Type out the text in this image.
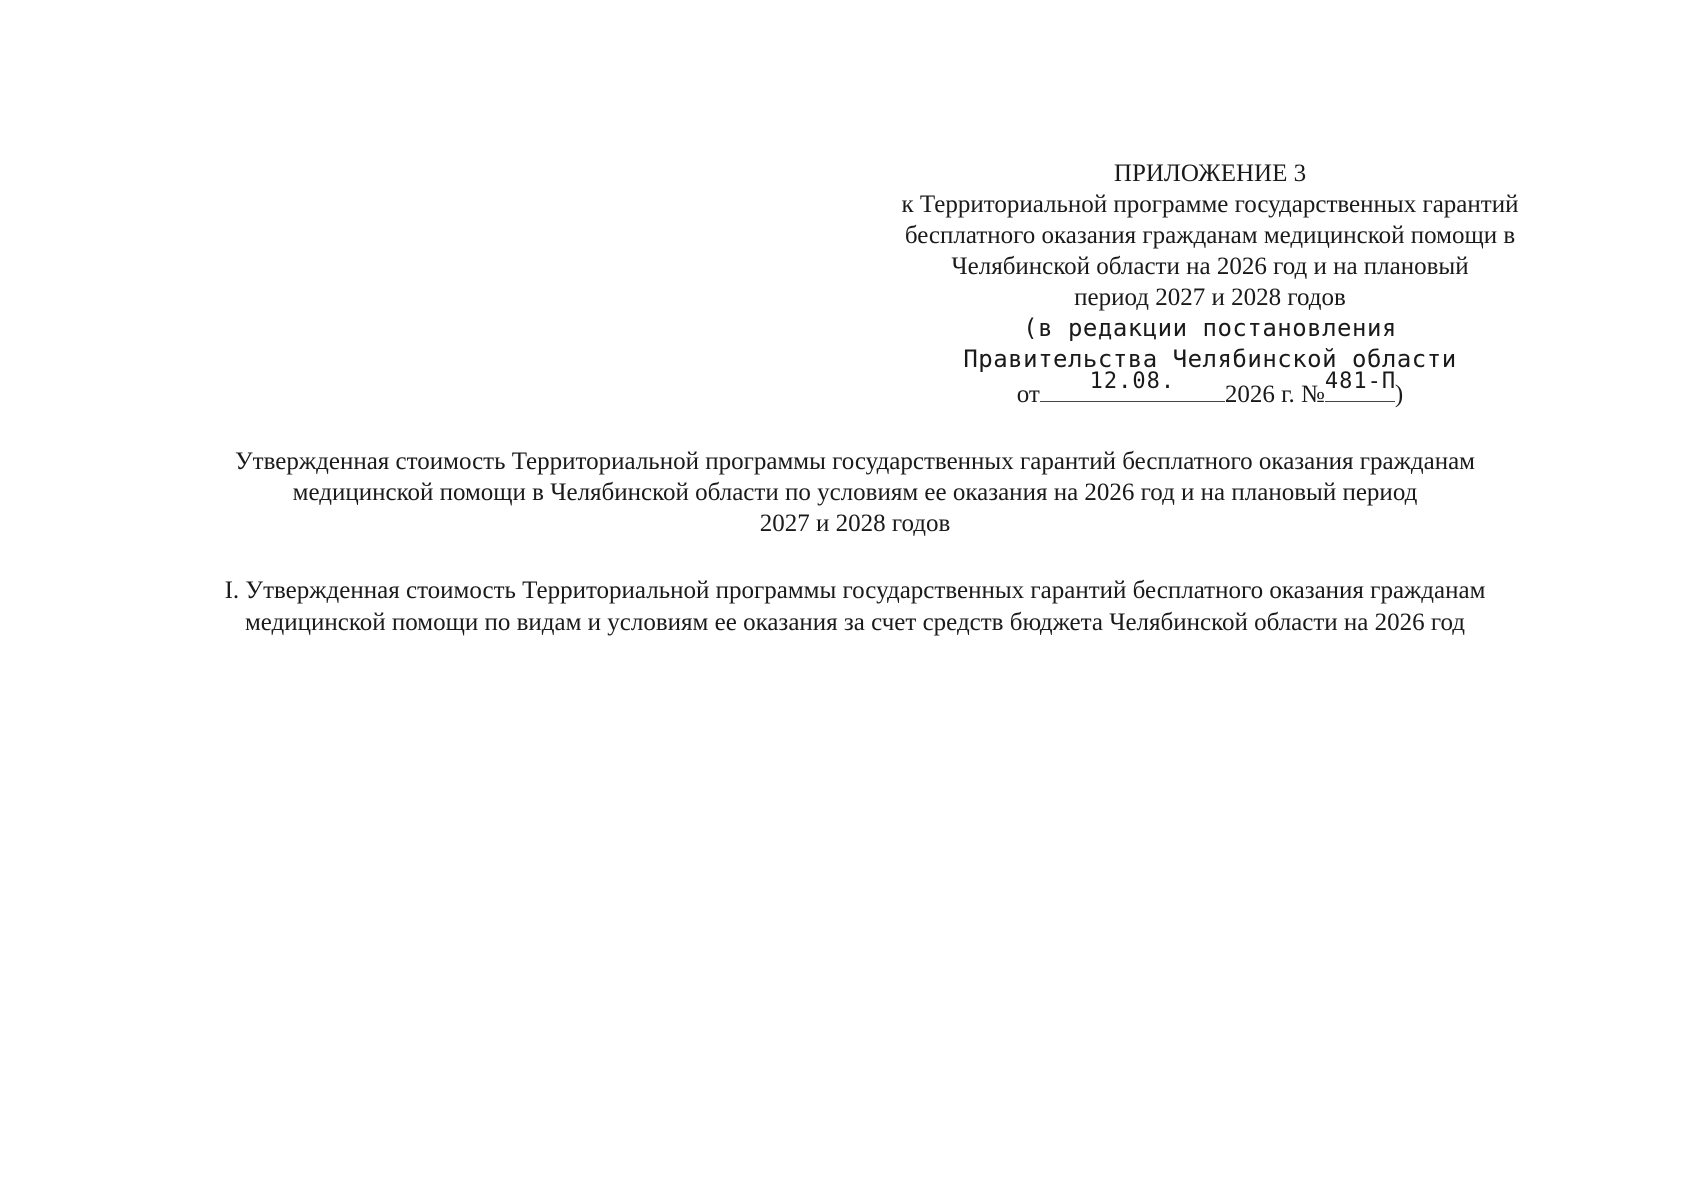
ПРИЛОЖЕНИЕ 3
к Территориальной программе государственных гарантий
бесплатного оказания гражданам медицинской помощи в
Челябинской области на 2026 год и на плановый
период 2027 и 2028 годов
(в редакции постановления
Правительства Челябинской области
от	12.08.	2026 г. № 481-П
)
Утвержденная стоимость Территориальной программы государственных гарантий бесплатного оказания гражданам
медицинской помощи в Челябинской области по условиям ее оказания на 2026 год и на плановый период
2027 и 2028 годов
I. Утвержденная стоимость Территориальной программы государственных гарантий бесплатного оказания гражданам
медицинской помощи по видам и условиям ее оказания за счет средств бюджета Челябинской области на 2026 год
